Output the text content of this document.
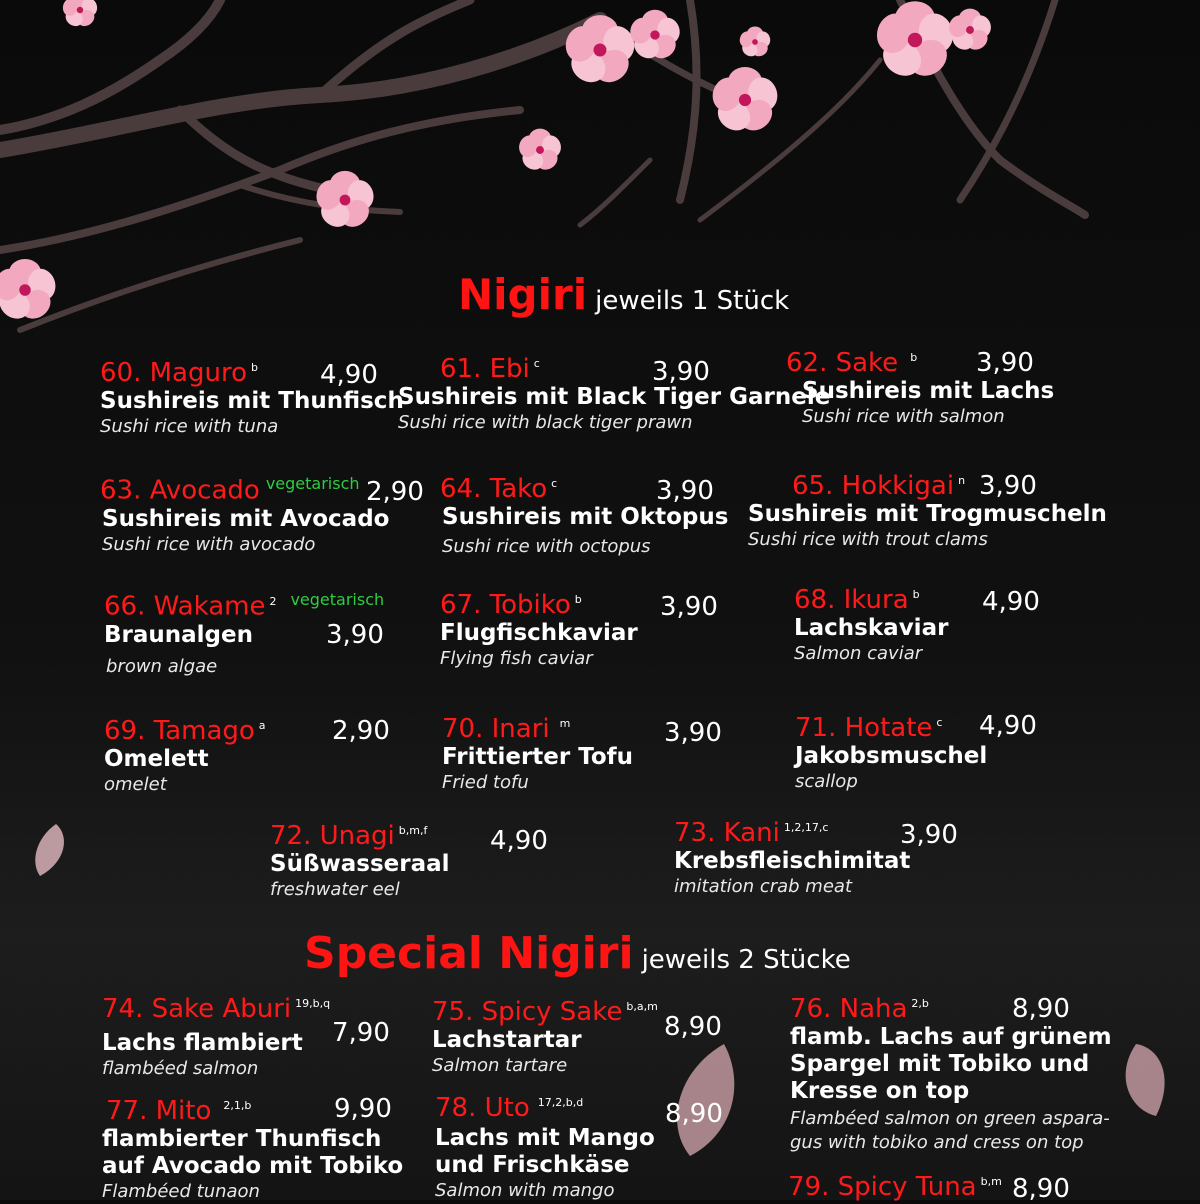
Nigiri jeweils 1 Stück
Special Nigiri jeweils 2 Stücke
60. Maguro $^b$	4,90
Sushireis mit Thunfisch
Sushi rice with tuna
61. Ebi $^c$	3,90
Sushireis mit Black Tiger Garnele
Sushi rice with black tiger prawn
62. Sake $^b$	3,90
Sushireis mit Lachs
Sushi rice with salmon
63. Avocado $^{vegetarisch}$ 2,90
Sushireis mit Avocado
Sushi rice with avocado
64. Tako $^c$	3,90
Sushireis mit Oktopus
Sushi rice with octopus
65. Hokkigai $^n$ 3,90
Sushireis mit Trogmuscheln
Sushi rice with trout clams
66. Wakame $^2$ $^{vegetarisch}$
3,90
Braunalgen
brown algae
67. Tobiko $^b$	3,90
Flugfischkaviar
Flying fish caviar
68. Ikura $^b$	4,90
Lachskaviar
Salmon caviar
69. Tamago $^a$	2,90
Omelett
omelet
70. Inari $^m$	3,90
Frittierter Tofu
Fried tofu
71. Hotate $^c$	4,90
Jakobsmuschel
scallop
72. Unagi $^{b,m,f}$	4,90
Süßwasseraal
freshwater eel
73. Kani $^{1,2,17,c}$	3,90
Krebsfleischimitat
imitation crab meat
74. Sake Aburi $^{19,b,q}$
7,90
Lachs flambiert
flambéed salmon
75. Spicy Sake $^{b,a,m}$
8,90
Lachstartar
Salmon tartare
76. Naha $^{2,b}$	8,90
flamb. Lachs auf grünem
Spargel mit Tobiko und
Kresse on top
Flambéed salmon on green aspara-
gus with tobiko and cress on top
77. Mito $^{2,1,b}$	9,90
flambierter Thunfisch
auf Avocado mit Tobiko
Flambéed tunaon
78. Uto $^{17,2,b,d}$	8,90
Lachs mit Mango
und Frischkäse
Salmon with mango	79. Spicy Tuna $^{b,m}$ 8,90
